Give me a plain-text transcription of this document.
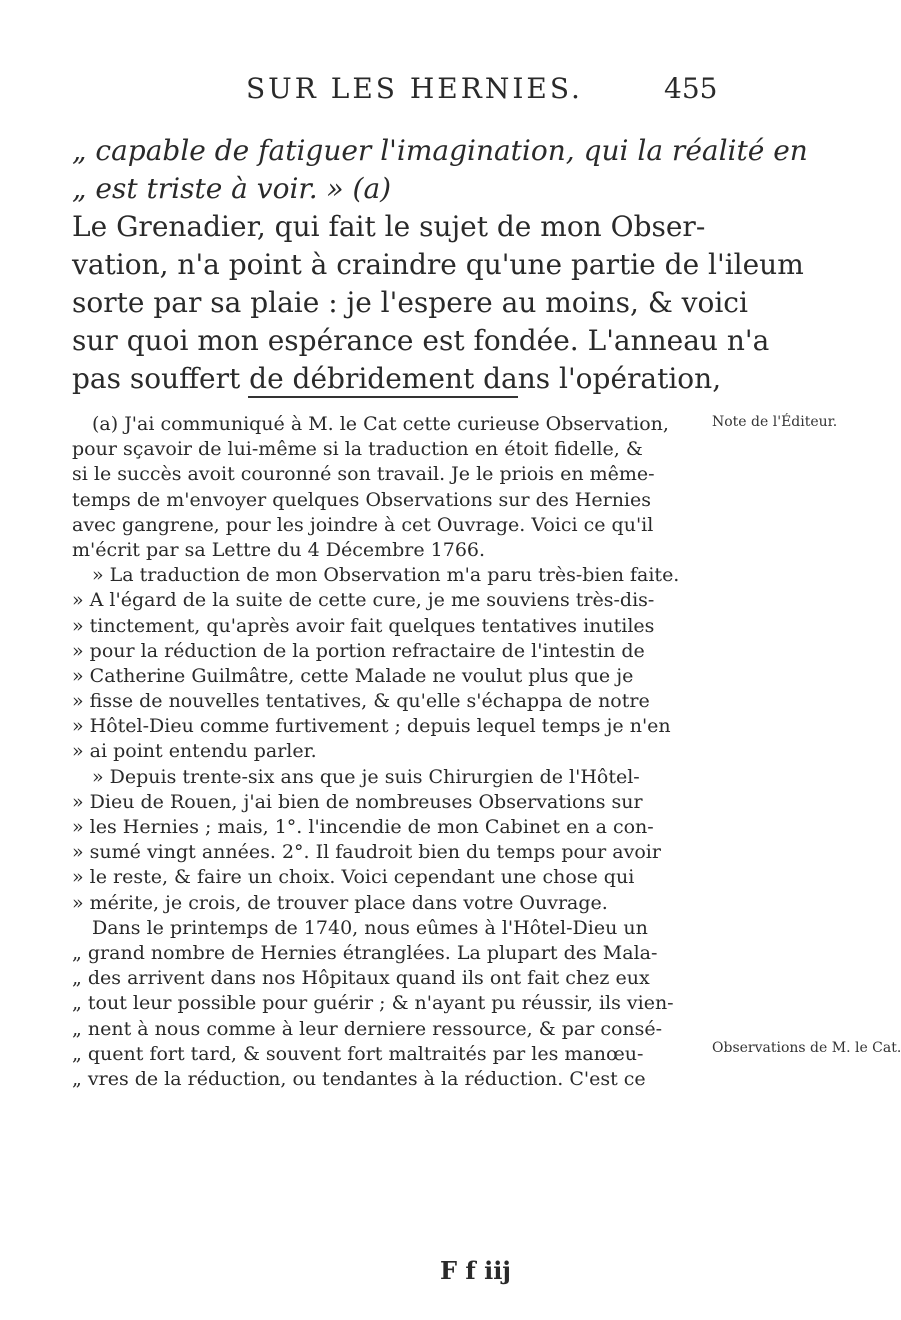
SUR LES HERNIES.	455
„ capable de fatiguer l'imagination, qui la réalité en
„ est triste à voir. » (a)
Le Grenadier, qui fait le sujet de mon Obser-
vation, n'a point à craindre qu'une partie de l'ileum
sorte par sa plaie : je l'espere au moins, & voici
sur quoi mon espérance est fondée. L'anneau n'a
pas souffert de débridement dans l'opération,
(a) J'ai communiqué à M. le Cat cette curieuse Observation,
pour sçavoir de lui-même si la traduction en étoit fidelle, &
si le succès avoit couronné son travail. Je le priois en même-
temps de m'envoyer quelques Observations sur des Hernies
avec gangrene, pour les joindre à cet Ouvrage. Voici ce qu'il
m'écrit par sa Lettre du 4 Décembre 1766.
» La traduction de mon Observation m'a paru très-bien faite.
» A l'égard de la suite de cette cure, je me souviens très-dis-
» tinctement, qu'après avoir fait quelques tentatives inutiles
» pour la réduction de la portion refractaire de l'intestin de
» Catherine Guilmâtre, cette Malade ne voulut plus que je
» fisse de nouvelles tentatives, & qu'elle s'échappa de notre
» Hôtel-Dieu comme furtivement ; depuis lequel temps je n'en
» ai point entendu parler.
» Depuis trente-six ans que je suis Chirurgien de l'Hôtel-
» Dieu de Rouen, j'ai bien de nombreuses Observations sur
» les Hernies ; mais, 1°. l'incendie de mon Cabinet en a con-
» sumé vingt années. 2°. Il faudroit bien du temps pour avoir
» le reste, & faire un choix. Voici cependant une chose qui
» mérite, je crois, de trouver place dans votre Ouvrage.
Dans le printemps de 1740, nous eûmes à l'Hôtel-Dieu un
„ grand nombre de Hernies étranglées. La plupart des Mala-
„ des arrivent dans nos Hôpitaux quand ils ont fait chez eux
„ tout leur possible pour guérir ; & n'ayant pu réussir, ils vien-
„ nent à nous comme à leur derniere ressource, & par consé-
„ quent fort tard, & souvent fort maltraités par les manœu-
„ vres de la réduction, ou tendantes à la réduction. C'est ce
Note de l'Éditeur.
Observations de M. le Cat.
F f iij
